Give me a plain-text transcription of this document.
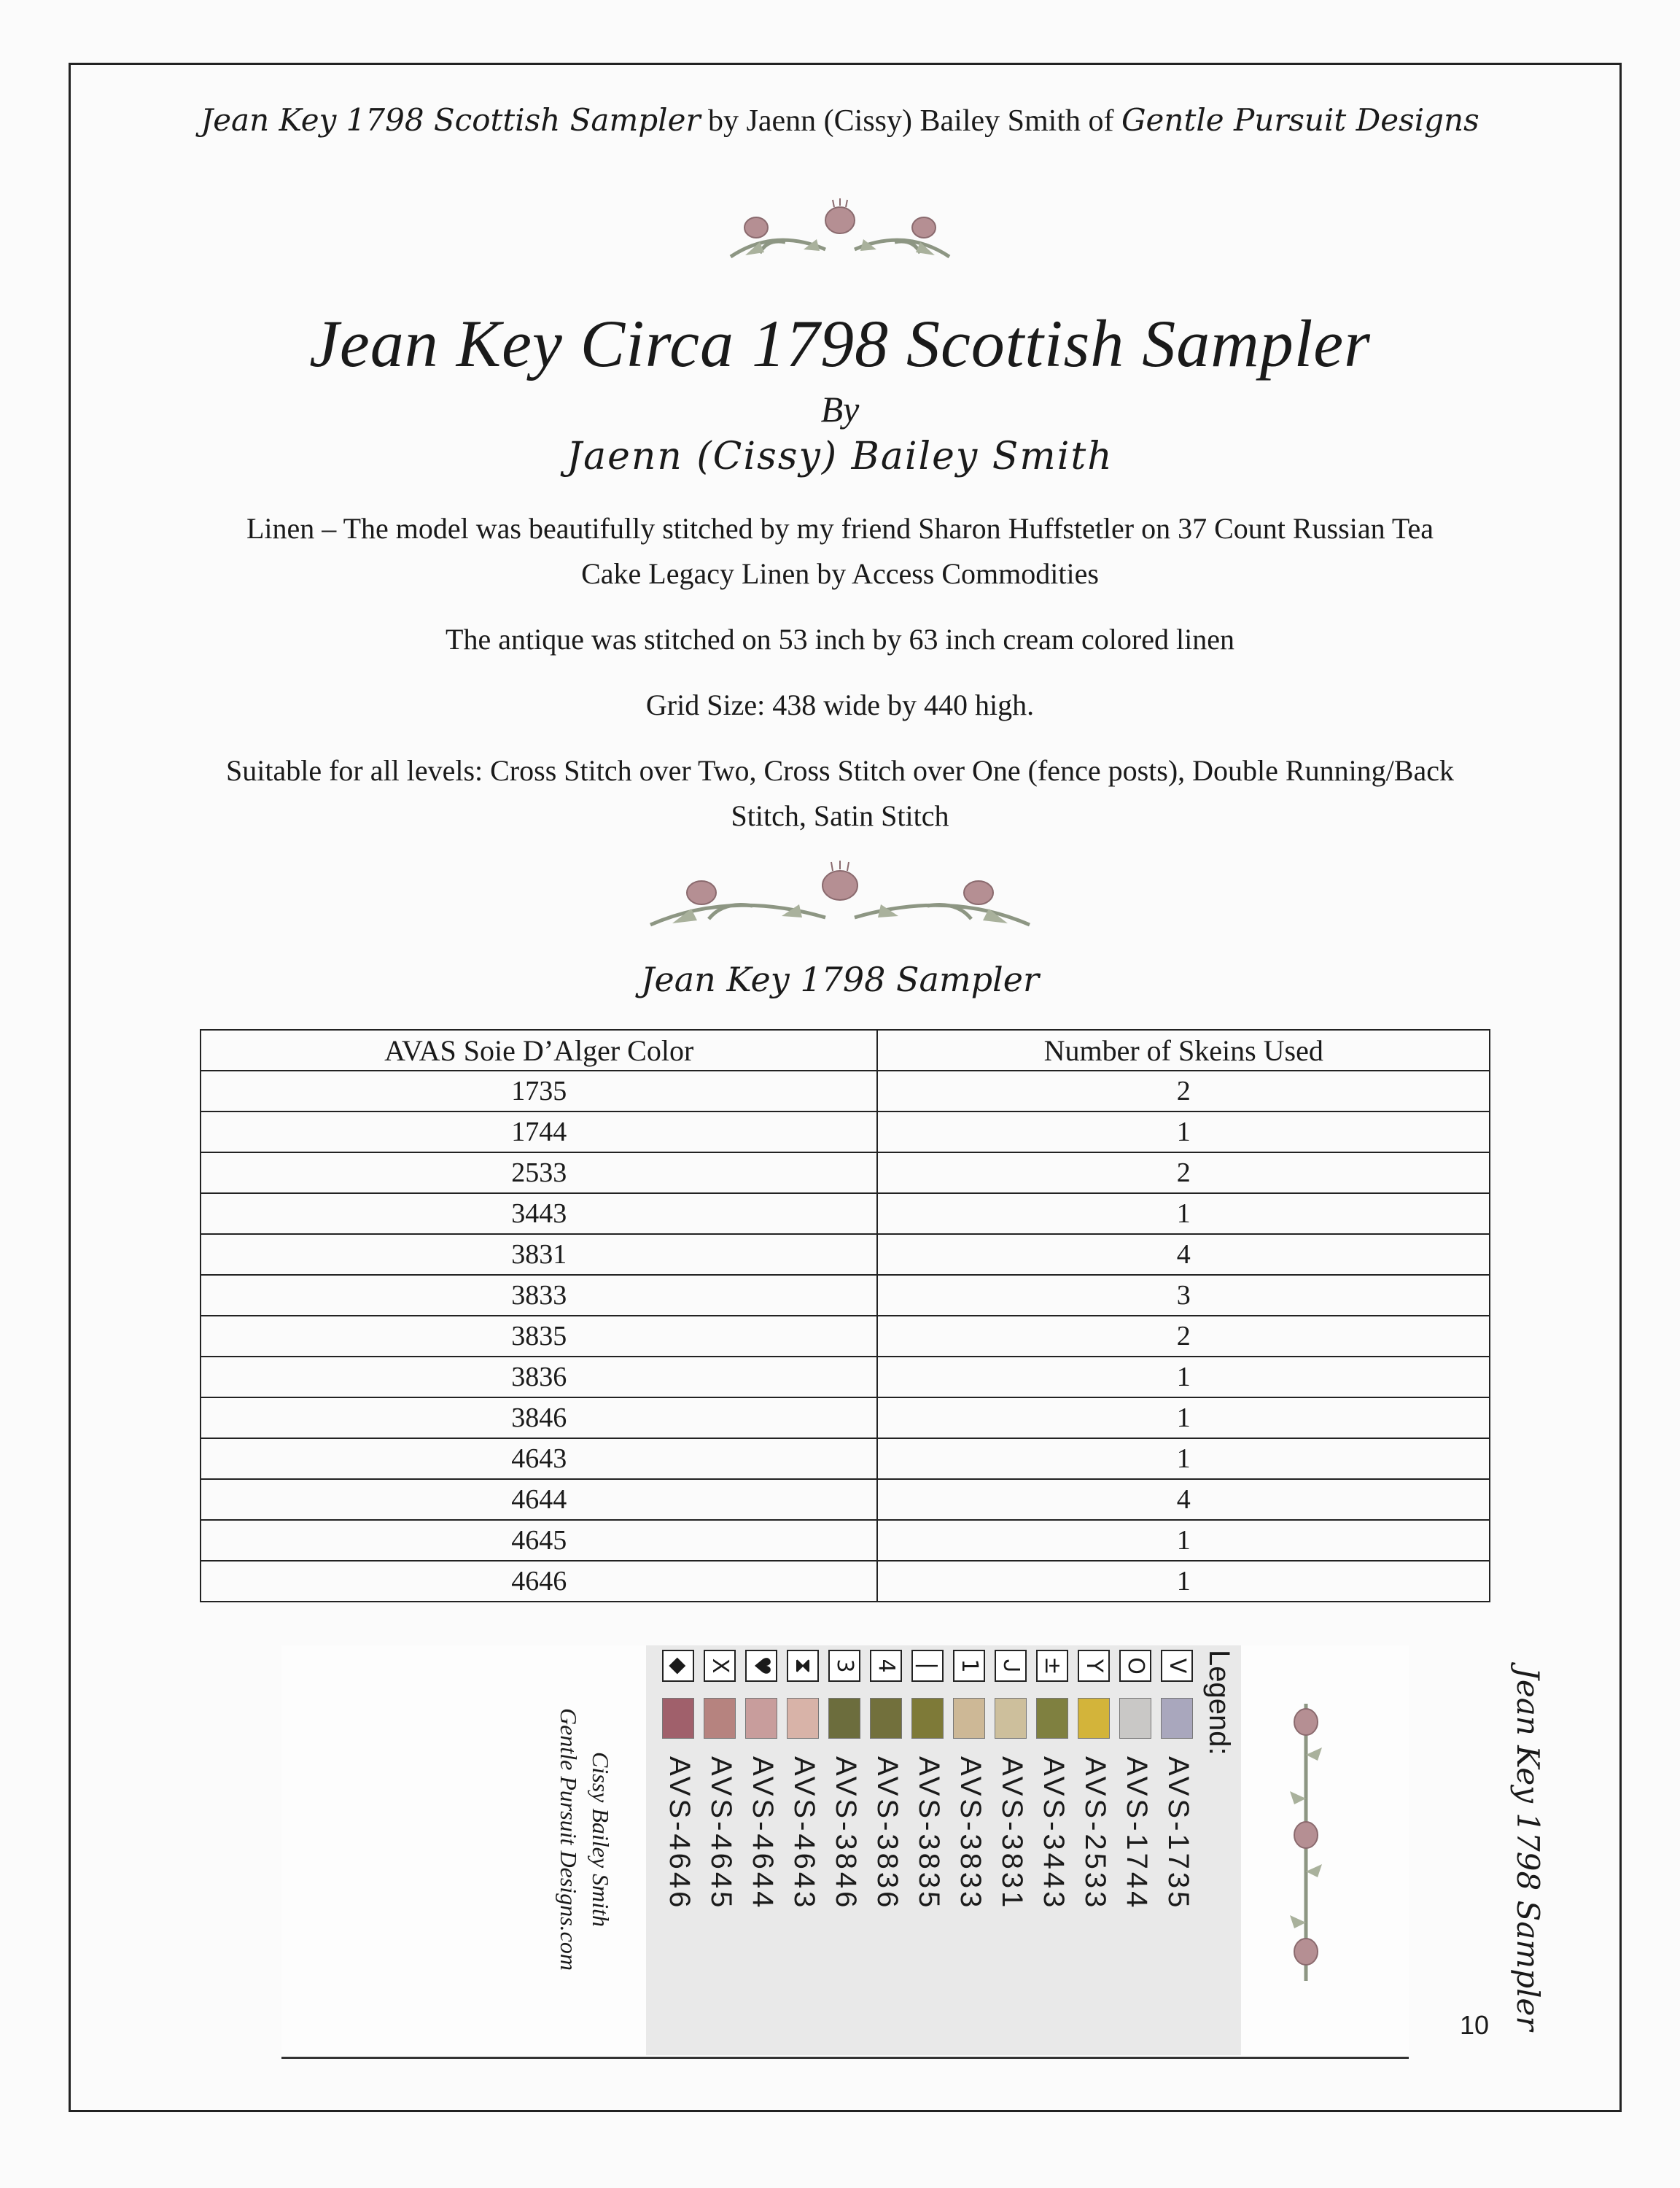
Jean Key 1798 Scottish Sampler by Jaenn (Cissy) Bailey Smith of Gentle Pursuit Designs
Jean Key Circa 1798 Scottish Sampler
By
Jaenn (Cissy) Bailey Smith
Linen – The model was beautifully stitched by my friend Sharon Huffstetler on 37 Count Russian Tea Cake Legacy Linen by Access Commodities
The antique was stitched on 53 inch by 63 inch cream colored linen
Grid Size: 438 wide by 440 high.
Suitable for all levels: Cross Stitch over Two, Cross Stitch over One (fence posts), Double Running/Back Stitch, Satin Stitch
Jean Key 1798 Sampler
AVAS Soie D’Alger Color	Number of Skeins Used
1735	2
1744	1
2533	2
3443	1
3831	4
3833	3
3835	2
3836	1
3846	1
4643	1
4644	4
4645	1
4646	1
Legend:
V
AVS-1735
O
AVS-1744
Y
AVS-2533
±
AVS-3443
ᒍ
AVS-3831
1
AVS-3833
|
AVS-3835
4
AVS-3836
3
AVS-3846
⧗
AVS-4643
♥
AVS-4644
X
AVS-4645
◆
AVS-4646	Jean Key 1798 Sampler
Cissy Bailey Smith
Gentle Pursuit Designs.com
10
